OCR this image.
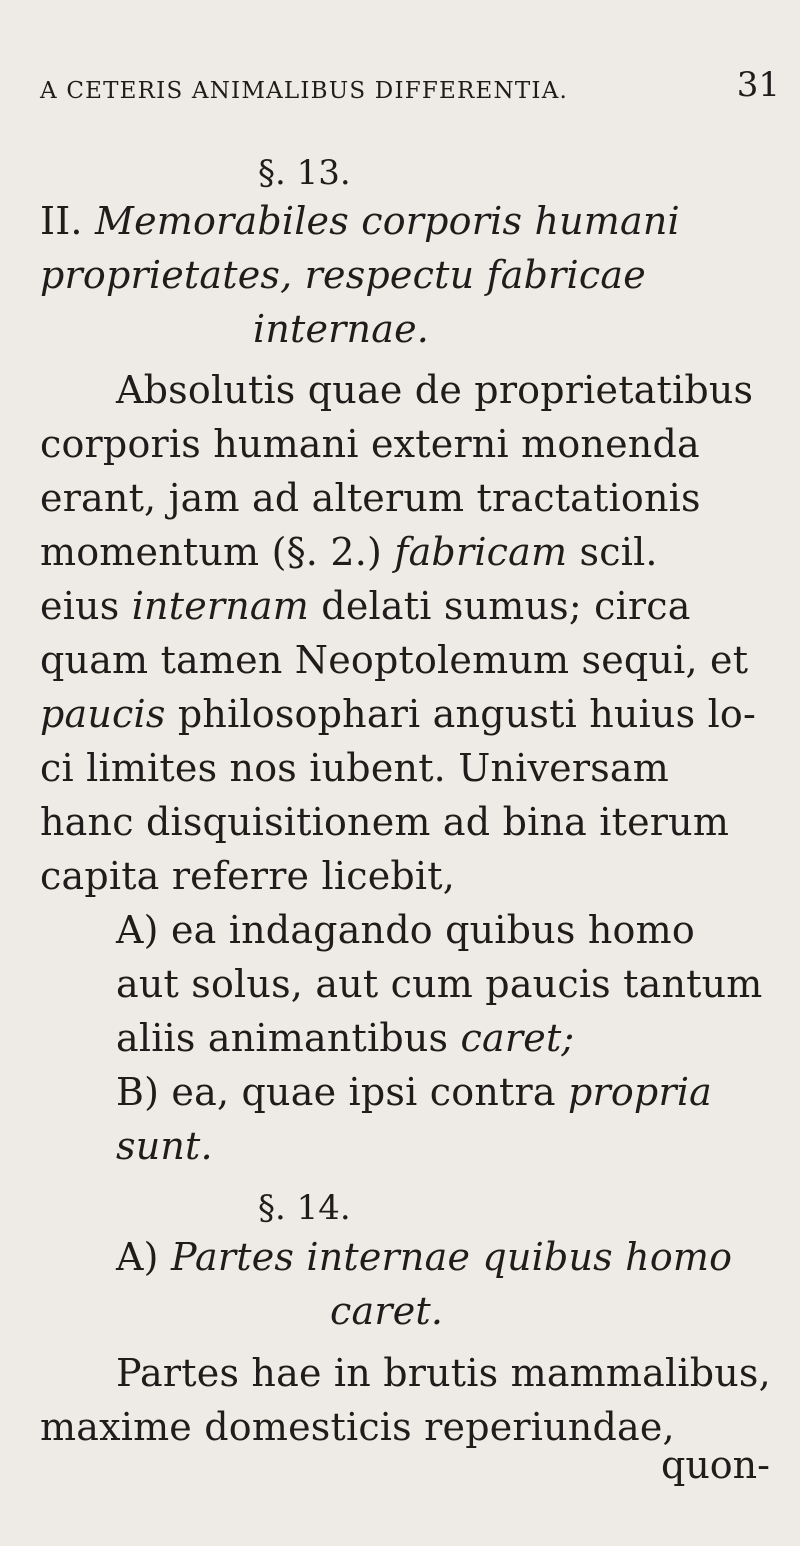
A CETERIS ANIMALIBUS DIFFERENTIA.	31
§. 13.
II. Memorabiles corporis humani
proprietates, respectu fabricae
internae.
Absolutis quae de proprietatibus
corporis humani externi monenda
erant, jam ad alterum tractationis
momentum (§. 2.) fabricam scil.
eius internam delati sumus; circa
quam tamen Neoptolemum sequi, et
paucis philosophari angusti huius lo-
ci limites nos iubent. Universam
hanc disquisitionem ad bina iterum
capita referre licebit,
A) ea indagando quibus homo
aut solus, aut cum paucis tantum
aliis animantibus caret;
B) ea, quae ipsi contra propria
sunt.
§. 14.
A) Partes internae quibus homo
caret.
Partes hae in brutis mammalibus,
maxime domesticis reperiundae,
quon-
